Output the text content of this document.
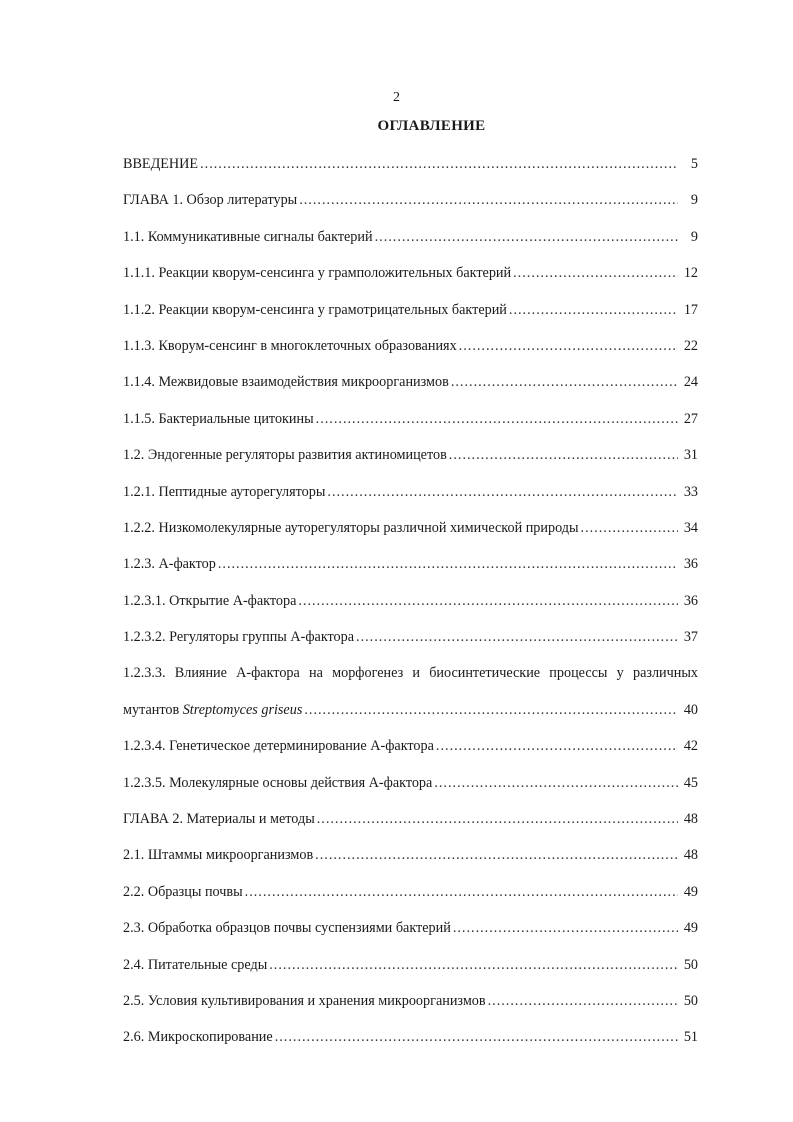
2
ОГЛАВЛЕНИЕ
ВВЕДЕНИЕ .....	5
ГЛАВА 1. Обзор литературы .....	9
1.1. Коммуникативные сигналы бактерий .....	9
1.1.1. Реакции кворум-сенсинга у грамположительных бактерий .....	12
1.1.2. Реакции кворум-сенсинга у грамотрицательных бактерий .....	17
1.1.3. Кворум-сенсинг в многоклеточных образованиях .....	22
1.1.4. Межвидовые взаимодействия микроорганизмов .....	24
1.1.5. Бактериальные цитокины .....	27
1.2. Эндогенные регуляторы развития актиномицетов .....	31
1.2.1. Пептидные ауторегуляторы .....	33
1.2.2. Низкомолекулярные ауторегуляторы различной химической природы .....	34
1.2.3. А-фактор .....	36
1.2.3.1. Открытие А-фактора .....	36
1.2.3.2. Регуляторы группы А-фактора .....	37
1.2.3.3. Влияние А-фактора на морфогенез и биосинтетические процессы у различных
мутантов Streptomyces griseus .....	40
1.2.3.4. Генетическое детерминирование А-фактора .....	42
1.2.3.5. Молекулярные основы действия А-фактора .....	45
ГЛАВА 2. Материалы и методы .....	48
2.1. Штаммы микроорганизмов .....	48
2.2. Образцы почвы .....	49
2.3. Обработка образцов почвы суспензиями бактерий .....	49
2.4. Питательные среды .....	50
2.5. Условия культивирования и хранения микроорганизмов .....	50
2.6. Микроскопирование .....	51
